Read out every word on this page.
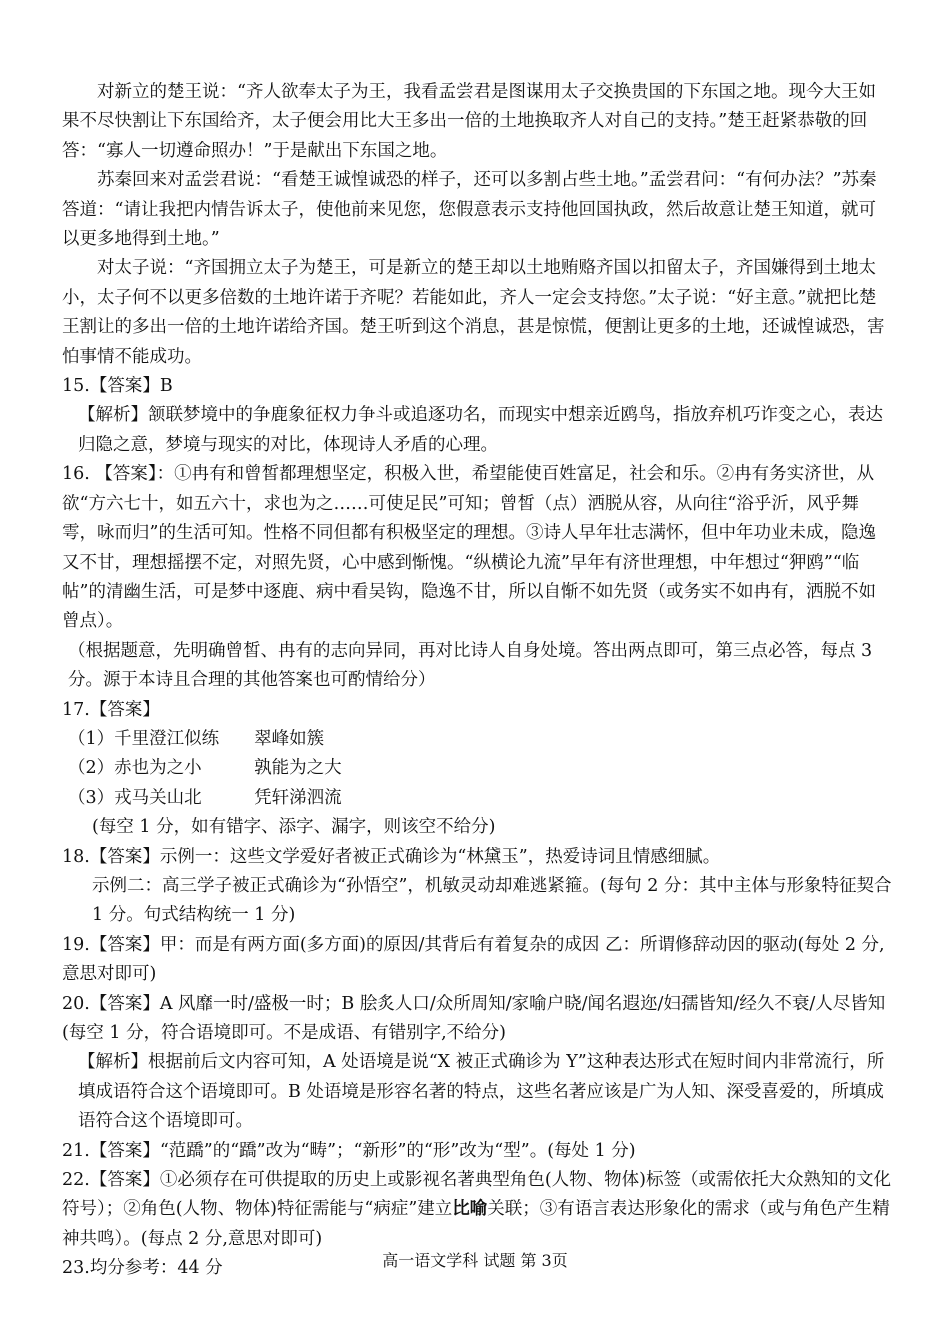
对新立的楚王说：“齐人欲奉太子为王，我看孟尝君是图谋用太子交换贵国的下东国之地。现今大王如果不尽快割让下东国给齐，太子便会用比大王多出一倍的土地换取齐人对自己的支持。”楚王赶紧恭敬的回答：“寡人一切遵命照办！”于是献出下东国之地。

苏秦回来对孟尝君说：“看楚王诚惶诚恐的样子，还可以多割占些土地。”孟尝君问：“有何办法？”苏秦答道：“请让我把内情告诉太子，使他前来见您，您假意表示支持他回国执政，然后故意让楚王知道，就可以更多地得到土地。”

对太子说：“齐国拥立太子为楚王，可是新立的楚王却以土地贿赂齐国以扣留太子，齐国嫌得到土地太小，太子何不以更多倍数的土地许诺于齐呢？若能如此，齐人一定会支持您。”太子说：“好主意。”就把比楚王割让的多出一倍的土地许诺给齐国。楚王听到这个消息，甚是惊慌，便割让更多的土地，还诚惶诚恐，害怕事情不能成功。

15.【答案】B

【解析】颔联梦境中的争鹿象征权力争斗或追逐功名，而现实中想亲近鸥鸟，指放弃机巧诈变之心，表达归隐之意，梦境与现实的对比，体现诗人矛盾的心理。

16. 【答案】：①冉有和曾皙都理想坚定，积极入世，希望能使百姓富足，社会和乐。②冉有务实济世，从欲“方六七十，如五六十，求也为之……可使足民”可知；曾皙（点）洒脱从容，从向往“浴乎沂，风乎舞雩，咏而归”的生活可知。性格不同但都有积极坚定的理想。③诗人早年壮志满怀，但中年功业未成，隐逸又不甘，理想摇摆不定，对照先贤，心中感到惭愧。“纵横论九流”早年有济世理想，中年想过“狎鸥”“临帖”的清幽生活，可是梦中逐鹿、病中看吴钩，隐逸不甘，所以自惭不如先贤（或务实不如冉有，洒脱不如曾点）。

（根据题意，先明确曾皙、冉有的志向异同，再对比诗人自身处境。答出两点即可，第三点必答，每点 3 分。源于本诗且合理的其他答案也可酌情给分）

17.【答案】

（1）千里澄江似练 翠峰如簇

（2）赤也为之小	孰能为之大

（3）戎马关山北	凭轩涕泗流

(每空 1 分，如有错字、添字、漏字，则该空不给分)

18.【答案】示例一：这些文学爱好者被正式确诊为“林黛玉”，热爱诗词且情感细腻。

示例二：高三学子被正式确诊为“孙悟空”，机敏灵动却难逃紧箍。(每句 2 分：其中主体与形象特征契合 1 分。句式结构统一 1 分)

19.【答案】甲：而是有两方面(多方面)的原因/其背后有着复杂的成因 乙：所谓修辞动因的驱动(每处 2 分,意思对即可)

20.【答案】A 风靡一时/盛极一时；B 脍炙人口/众所周知/家喻户晓/闻名遐迩/妇孺皆知/经久不衰/人尽皆知(每空 1 分，符合语境即可。不是成语、有错别字,不给分)

【解析】根据前后文内容可知，A 处语境是说“X 被正式确诊为 Y”这种表达形式在短时间内非常流行，所填成语符合这个语境即可。B 处语境是形容名著的特点，这些名著应该是广为人知、深受喜爱的，所填成语符合这个语境即可。

21.【答案】“范蹻”的“蹻”改为“畴”；“新形”的“形”改为“型”。(每处 1 分)

22.【答案】①必须存在可供提取的历史上或影视名著典型角色(人物、物体)标签（或需依托大众熟知的文化符号）；②角色(人物、物体)特征需能与“病症”建立比喻关联；③有语言表达形象化的需求（或与角色产生精神共鸣）。(每点 2 分,意思对即可)

23.均分参考：44 分	高一语文学科 试题 第 3页
